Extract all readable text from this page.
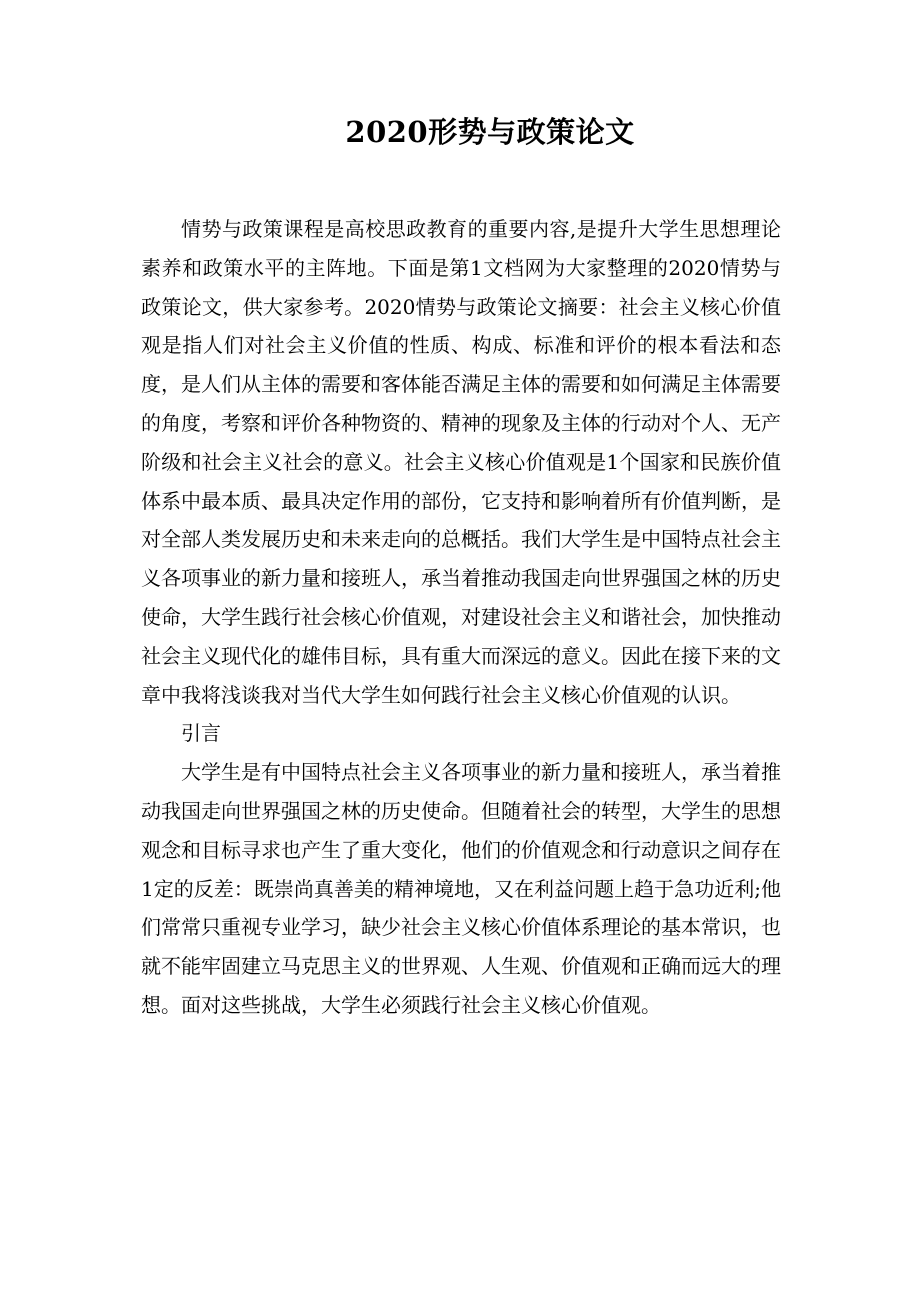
2020形势与政策论文

情势与政策课程是高校思政教育的重要内容,是提升大学生思想理论素养和政策水平的主阵地。下面是第1文档网为大家整理的2020情势与政策论文，供大家参考。2020情势与政策论文摘要：社会主义核心价值观是指人们对社会主义价值的性质、构成、标准和评价的根本看法和态度，是人们从主体的需要和客体能否满足主体的需要和如何满足主体需要的角度，考察和评价各种物资的、精神的现象及主体的行动对个人、无产阶级和社会主义社会的意义。社会主义核心价值观是1个国家和民族价值体系中最本质、最具决定作用的部份，它支持和影响着所有价值判断，是对全部人类发展历史和未来走向的总概括。我们大学生是中国特点社会主义各项事业的新力量和接班人，承当着推动我国走向世界强国之林的历史使命，大学生践行社会核心价值观，对建设社会主义和谐社会，加快推动社会主义现代化的雄伟目标，具有重大而深远的意义。因此在接下来的文章中我将浅谈我对当代大学生如何践行社会主义核心价值观的认识。

引言

大学生是有中国特点社会主义各项事业的新力量和接班人，承当着推动我国走向世界强国之林的历史使命。但随着社会的转型，大学生的思想观念和目标寻求也产生了重大变化，他们的价值观念和行动意识之间存在1定的反差：既崇尚真善美的精神境地，又在利益问题上趋于急功近利;他们常常只重视专业学习，缺少社会主义核心价值体系理论的基本常识，也就不能牢固建立马克思主义的世界观、人生观、价值观和正确而远大的理想。面对这些挑战，大学生必须践行社会主义核心价值观。
